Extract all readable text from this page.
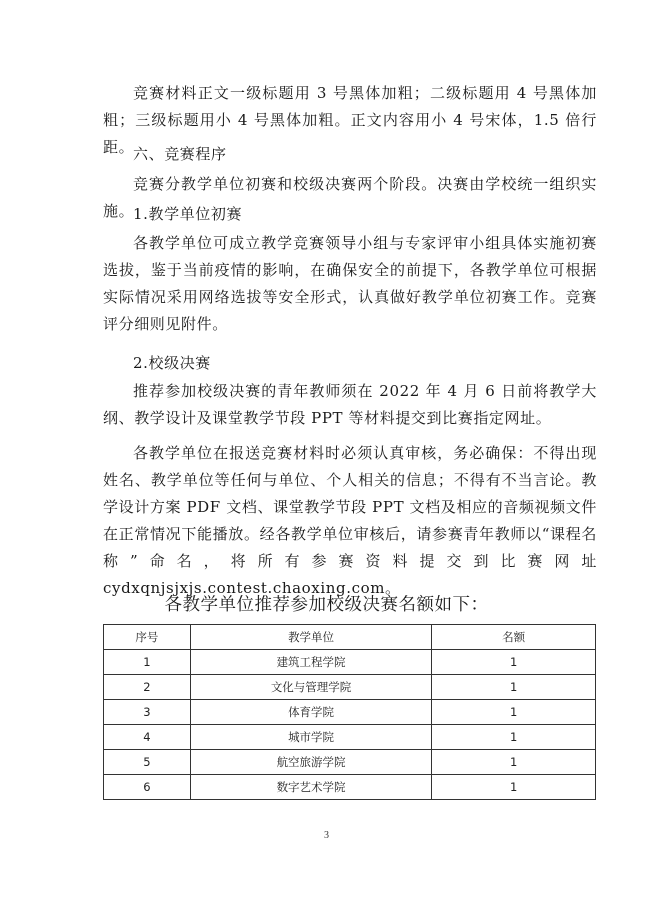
竞赛材料正文一级标题用 3 号黑体加粗；二级标题用 4 号黑体加粗；三级标题用小 4 号黑体加粗。正文内容用小 4 号宋体，1.5 倍行距。

六、竞赛程序

竞赛分教学单位初赛和校级决赛两个阶段。决赛由学校统一组织实施。

1.教学单位初赛

各教学单位可成立教学竞赛领导小组与专家评审小组具体实施初赛选拔，鉴于当前疫情的影响，在确保安全的前提下，各教学单位可根据实际情况采用网络选拔等安全形式，认真做好教学单位初赛工作。竞赛评分细则见附件。

2.校级决赛

推荐参加校级决赛的青年教师须在 2022 年 4 月 6 日前将教学大纲、教学设计及课堂教学节段 PPT 等材料提交到比赛指定网址。

各教学单位在报送竞赛材料时必须认真审核，务必确保：不得出现姓名、教学单位等任何与单位、个人相关的信息；不得有不当言论。教学设计方案 PDF 文档、课堂教学节段 PPT 文档及相应的音频视频文件在正常情况下能播放。经各教学单位审核后，请参赛青年教师以“课程名称”命名，将所有参赛资料提交到比赛网址 cydxqnjsjxjs.contest.chaoxing.com。

各教学单位推荐参加校级决赛名额如下：
序号	教学单位	名额
1	建筑工程学院	1
2	文化与管理学院	1
3	体育学院	1
4	城市学院	1
5	航空旅游学院	1
6	数字艺术学院	1
3
